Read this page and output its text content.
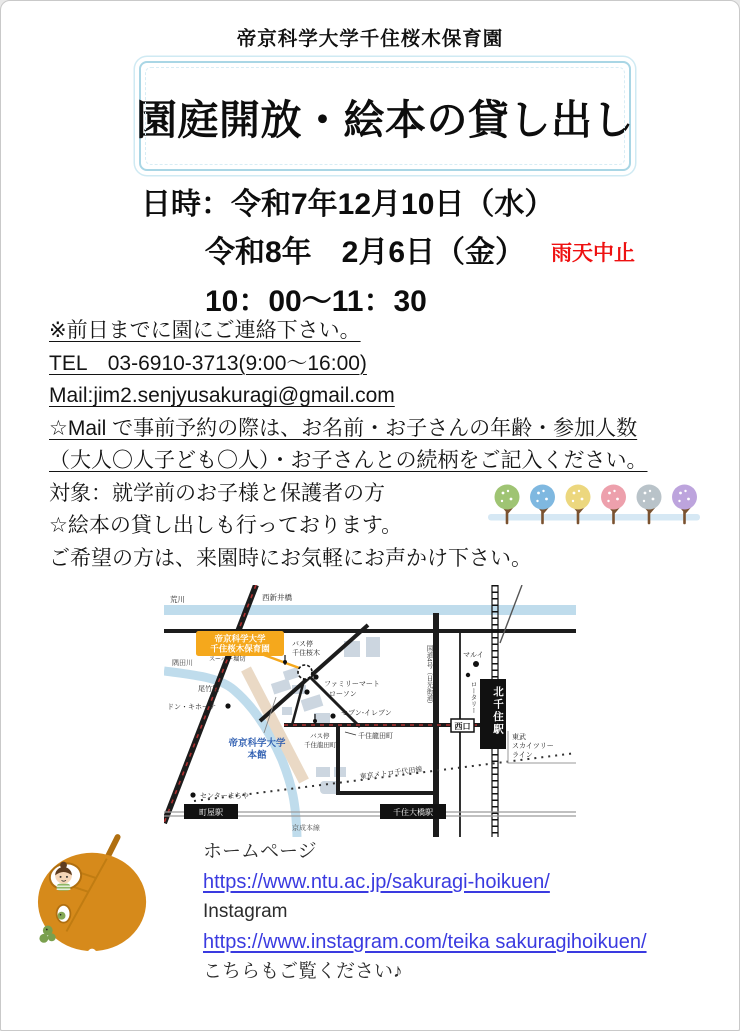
帝京科学大学千住桜木保育園
園庭開放・絵本の貸し出し
日時：令和7年12月10日（水）
令和8年　2月6日（金） 雨天中止
10：00～11：30
※前日までに園にご連絡下さい。
TEL　03-6910-3713(9:00～16:00)
Mail:jim2.senjyusakuragi@gmail.com
☆Mail で事前予約の際は、お名前・お子さんの年齢・参加人数
（大人〇人子ども〇人）・お子さんとの続柄をご記入ください。
対象：就学前のお子様と保護者の方
☆絵本の貸し出しも行っております。
ご希望の方は、来園時にお気軽にお声かけ下さい。
帝京科学大学
千住桜木保育園
北千住駅
西口
町屋駅	千住大橋駅
荒川	西新井橋
隅田川
スーパー堀切
尾竹橋
ドン・キホーテ
バス停
千住桜木
ファミリーマート
ローソン
セブン-イレブン
バス停
千住龍田町
千住龍田町
帝京科学大学
本館
国道4号（日光街道）	マルイ
ロータリー
東武
スカイツリー
ライン
東京メトロ千代田線
センターまちや
京成本線
ホームページ
https://www.ntu.ac.jp/sakuragi-hoikuen/
Instagram
https://www.instagram.com/teika sakuragihoikuen/
こちらもご覧ください♪
